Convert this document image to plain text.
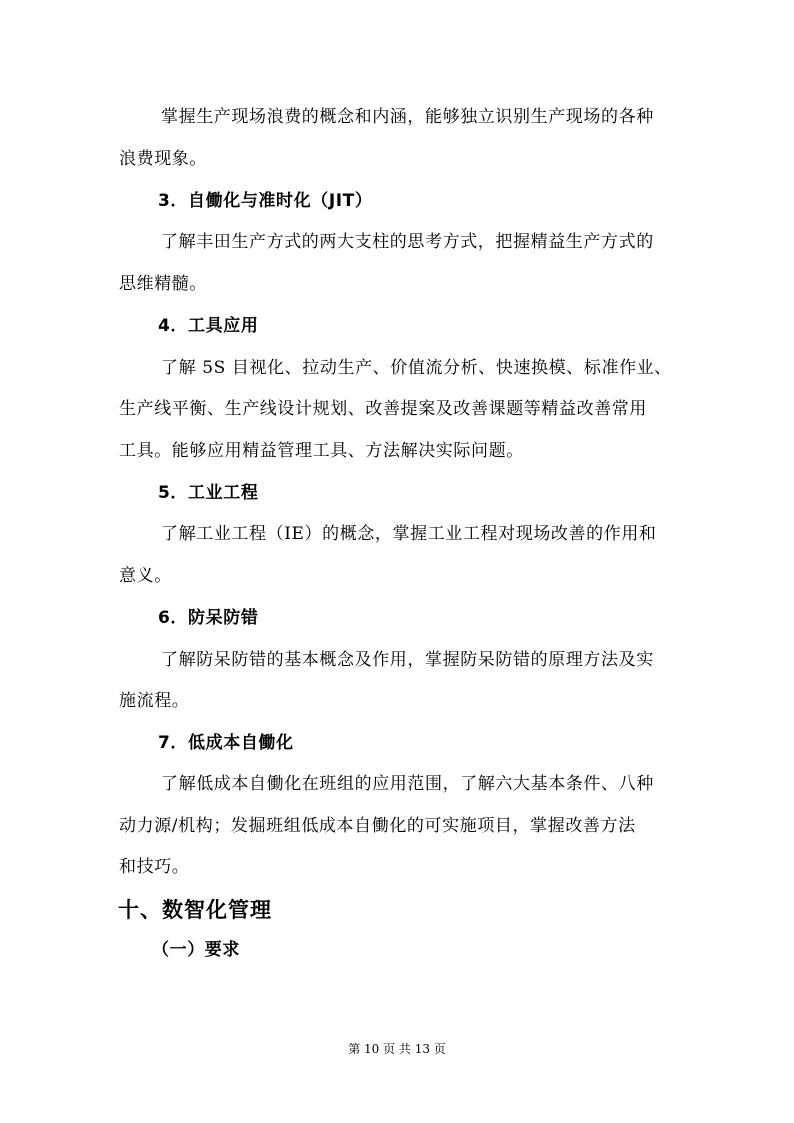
掌握生产现场浪费的概念和内涵，能够独立识别生产现场的各种
浪费现象。
3．自働化与准时化（JIT）
了解丰田生产方式的两大支柱的思考方式，把握精益生产方式的
思维精髓。
4．工具应用
了解 5S 目视化、拉动生产、价值流分析、快速换模、标准作业、
生产线平衡、生产线设计规划、改善提案及改善课题等精益改善常用
工具。能够应用精益管理工具、方法解决实际问题。
5．工业工程
了解工业工程（IE）的概念，掌握工业工程对现场改善的作用和
意义。
6．防呆防错
了解防呆防错的基本概念及作用，掌握防呆防错的原理方法及实
施流程。
7．低成本自働化
了解低成本自働化在班组的应用范围，了解六大基本条件、八种
动力源/机构；发掘班组低成本自働化的可实施项目，掌握改善方法
和技巧。
十、数智化管理
（一）要求
第 10 页 共 13 页
